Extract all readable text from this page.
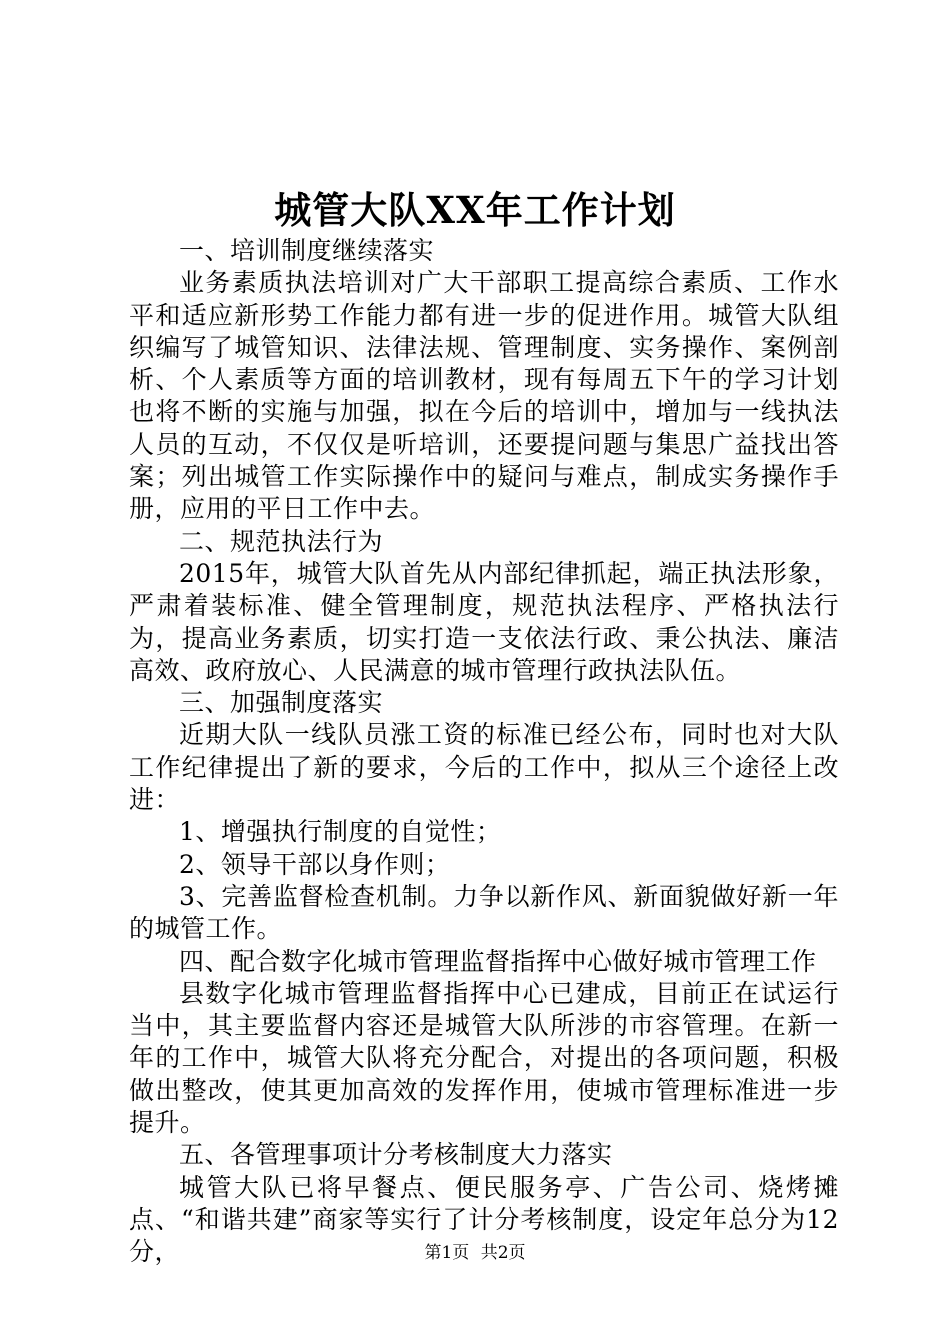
城管大队XX年工作计划

一、培训制度继续落实

业务素质执法培训对广大干部职工提高综合素质、工作水平和适应新形势工作能力都有进一步的促进作用。城管大队组织编写了城管知识、法律法规、管理制度、实务操作、案例剖析、个人素质等方面的培训教材，现有每周五下午的学习计划也将不断的实施与加强，拟在今后的培训中，增加与一线执法人员的互动，不仅仅是听培训，还要提问题与集思广益找出答案；列出城管工作实际操作中的疑问与难点，制成实务操作手册，应用的平日工作中去。

二、规范执法行为

2015年，城管大队首先从内部纪律抓起，端正执法形象，严肃着装标准、健全管理制度，规范执法程序、严格执法行为，提高业务素质，切实打造一支依法行政、秉公执法、廉洁高效、政府放心、人民满意的城市管理行政执法队伍。

三、加强制度落实

近期大队一线队员涨工资的标准已经公布，同时也对大队工作纪律提出了新的要求，今后的工作中，拟从三个途径上改进：

1、增强执行制度的自觉性；

2、领导干部以身作则；

3、完善监督检查机制。力争以新作风、新面貌做好新一年的城管工作。

四、配合数字化城市管理监督指挥中心做好城市管理工作

县数字化城市管理监督指挥中心已建成，目前正在试运行当中，其主要监督内容还是城管大队所涉的市容管理。在新一年的工作中，城管大队将充分配合，对提出的各项问题，积极做出整改，使其更加高效的发挥作用，使城市管理标准进一步提升。

五、各管理事项计分考核制度大力落实

城管大队已将早餐点、便民服务亭、广告公司、烧烤摊点、“和谐共建”商家等实行了计分考核制度，设定年总分为12分，	第1页 共2页
